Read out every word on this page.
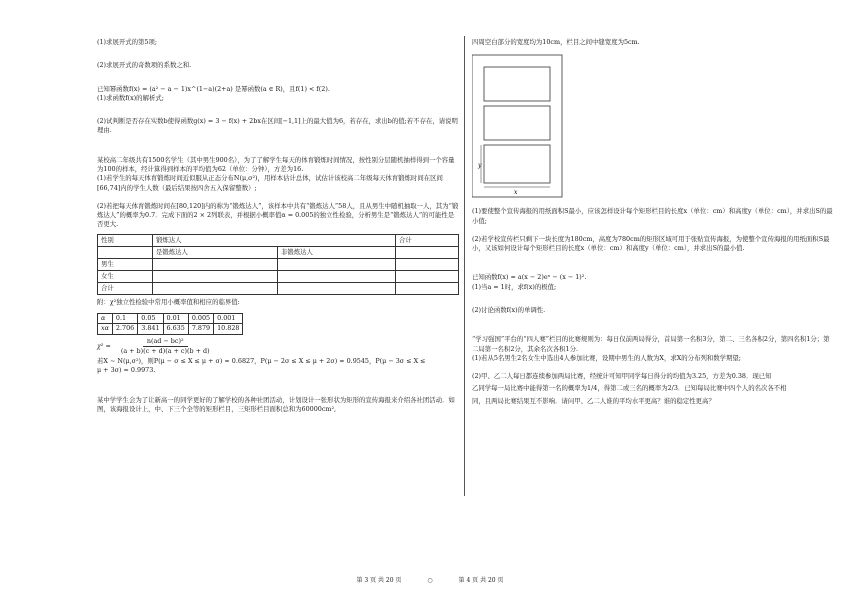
(1)求展开式的第5项;

(2)求展开式的奇数项的系数之和.

已知幂函数f(x) = (a² − a − 1)x^(1−a)(2+a) 是幂函数(a ∈ R)，且f(1) < f(2).

(1)求函数f(x)的解析式;

(2)试判断是否存在实数b使得函数g(x) = 3 − f(x) + 2bx在区间[−1,1]上的最大值为6，若存在，求出b的值;若不存在，请说明理由.

某校高二年级共有1500名学生（其中男生900名），为了了解学生每天的体育锻炼时间情况，按性别分层随机抽样得到一个容量为100的样本，经计算得到样本的平均值为62（单位：分钟），方差为16.

(1)若学生的每天体育锻炼时间近似服从正态分布N(μ,σ²)，用样本估计总体，试估计该校高二年级每天体育锻炼时间在区间[66,74]内的学生人数（最后结果按四舍五入保留整数）;

(2)若把每天体育锻炼时间在[80,120]内的称为“锻炼达人”，该样本中共有“锻炼达人”58人，且从男生中随机抽取一人，其为“锻炼达人”的概率为0.7．完成下面的2 × 2列联表，并根据小概率值α = 0.005的独立性检验，分析男生是“锻炼达人”的可能性是否更大.

性别	锻炼达人		合计
	是锻炼达人	非锻炼达人	
男生			
女生			
合计			

附：χ²独立性检验中常用小概率值和相应的临界值:

α	0.1	0.05	0.01	0.005	0.001
xα	2.706	3.841	6.635	7.879	10.828
$\chi^2 = \frac{\text{n(ad − bc)²}}{(a + b)(c + d)(a + c)(b + d)}$

若X ∼ N(μ,σ²)，则P(μ − σ ≤ X ≤ μ + σ) ≈ 0.6827，P(μ − 2σ ≤ X ≤ μ + 2σ) ≈ 0.9545，P(μ − 3σ ≤ X ≤

μ + 3σ) ≈ 0.9973.

某中学学生会为了让新高一的同学更好的了解学校的各种社团活动，计划设计一张形状为矩形的宣传海报来介绍各社团活动．如图，该海报设计上，中、下三个全等的矩形栏目，三矩形栏目面积总和为60000cm²,

四周空白部分的宽度均为10cm，栏目之间中缝宽度为5cm.

y
x

(1)要使整个宣传海报的用纸面积S最小，应该怎样设计每个矩形栏目的长度x（单位：cm）和高度y（单位：cm），并求出S的最小值;

(2)若学校宣传栏只剩下一块长度为180cm，高度为780cm的矩形区域可用于张贴宣传海报，为使整个宣传海报的用纸面积S最小，又该如何设计每个矩形栏目的长度x（单位：cm）和高度y（单位：cm），并求出S的最小值.

已知函数f(x) = a(x − 2)eˣ − (x − 1)².

(1)当a = 1时，求f(x)的极值;

(2)讨论函数f(x)的单调性.

“学习强国”平台的“四人赛”栏目的比赛规则为：每日仅前两局得分，首局第一名积3分，第二、三名各积2分，第四名积1分；第二局第一名积2分，其余名次各积1分.

(1)若从5名男生2名女生中选出4人参加比赛，设期中男生的人数为X，求X的分布列和数学期望;

(2)甲、乙二人每日都连续参加两局比赛，经统计可知甲同学每日得分的均值为3.25，方差为0.38．现已知

乙同学每一局比赛中能得第一名的概率为1/4，得第二或三名的概率为2/3．已知每局比赛中四个人的名次各不相

同，且两局比赛结果互不影响．请问甲、乙二人谁的平均水平更高？谁的稳定性更高？

第 3 页 共 20 页	○	第 4 页 共 20 页
